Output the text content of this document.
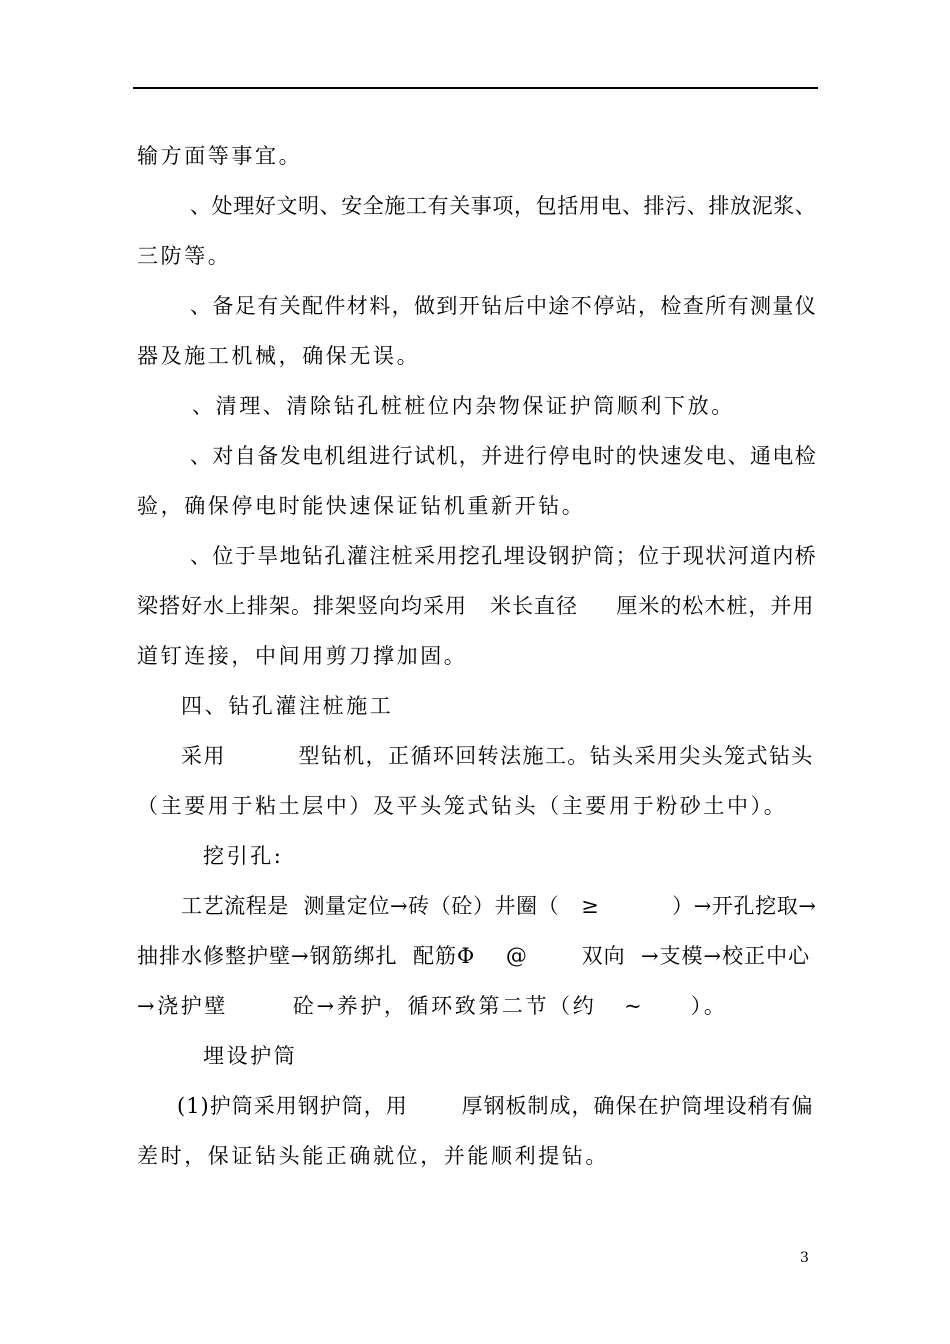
输方面等事宜。
、处理好文明、安全施工有关事项，包括用电、排污、排放泥浆、
三防等。
、备足有关配件材料，做到开钻后中途不停站，检查所有测量仪
器及施工机械，确保无误。
、清理、清除钻孔桩桩位内杂物保证护筒顺利下放。
、对自备发电机组进行试机，并进行停电时的快速发电、通电检
验，确保停电时能快速保证钻机重新开钻。
、位于旱地钻孔灌注桩采用挖孔埋设钢护筒；位于现状河道内桥
梁搭好水上排架。排架竖向均采用   米长直径     厘米的松木桩，并用
道钉连接，中间用剪刀撑加固。
四、钻孔灌注桩施工
采用         型钻机，正循环回转法施工。钻头采用尖头笼式钻头
（主要用于粘土层中）及平头笼式钻头（主要用于粉砂土中）。
挖引孔:
工艺流程是  测量定位→砖（砼）井圈（   ≥          ）→开孔挖取→
抽排水修整护壁→钢筋绑扎  配筋Φ    @       双向  →支模→校正中心
→浇护壁       砼→养护，循环致第二节（约   ~     ）。
埋设护筒
(1)护筒采用钢护筒，用       厚钢板制成，确保在护筒埋设稍有偏
差时，保证钻头能正确就位，并能顺利提钻。
3
